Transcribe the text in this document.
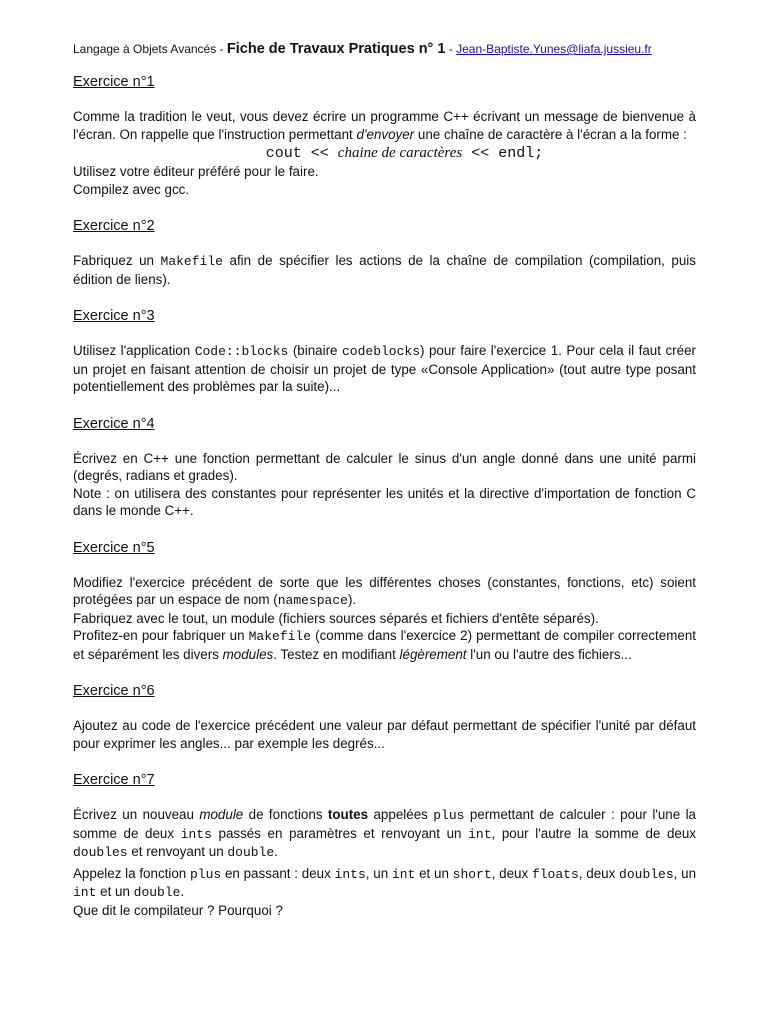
Langage à Objets Avancés - Fiche de Travaux Pratiques n° 1 - Jean-Baptiste.Yunes@liafa.jussieu.fr
Exercice n°1

Comme la tradition le veut, vous devez écrire un programme C++ écrivant un message de bienvenue à l'écran. On rappelle que l'instruction permettant d'envoyer une chaîne de caractère à l'écran a la forme :

cout << chaine de caractères << endl;

Utilisez votre éditeur préféré pour le faire.

Compilez avec gcc.

Exercice n°2

Fabriquez un Makefile afin de spécifier les actions de la chaîne de compilation (compilation, puis édition de liens).

Exercice n°3

Utilisez l'application Code::blocks (binaire codeblocks) pour faire l'exercice 1. Pour cela il faut créer un projet en faisant attention de choisir un projet de type «Console Application» (tout autre type posant potentiellement des problèmes par la suite)...

Exercice n°4

Écrivez en C++ une fonction permettant de calculer le sinus d'un angle donné dans une unité parmi (degrés, radians et grades).

Note : on utilisera des constantes pour représenter les unités et la directive d'importation de fonction C dans le monde C++.

Exercice n°5

Modifiez l'exercice précédent de sorte que les différentes choses (constantes, fonctions, etc) soient protégées par un espace de nom (namespace).

Fabriquez avec le tout, un module (fichiers sources séparés et fichiers d'entête séparés).

Profitez-en pour fabriquer un Makefile (comme dans l'exercice 2) permettant de compiler correctement et séparément les divers modules. Testez en modifiant légèrement l'un ou l'autre des fichiers...

Exercice n°6

Ajoutez au code de l'exercice précédent une valeur par défaut permettant de spécifier l'unité par défaut pour exprimer les angles... par exemple les degrés...

Exercice n°7

Écrivez un nouveau module de fonctions toutes appelées plus permettant de calculer : pour l'une la somme de deux ints passés en paramètres et renvoyant un int, pour l'autre la somme de deux doubles et renvoyant un double.

Appelez la fonction plus en passant : deux ints, un int et un short, deux floats, deux doubles, un int et un double.

Que dit le compilateur ? Pourquoi ?
